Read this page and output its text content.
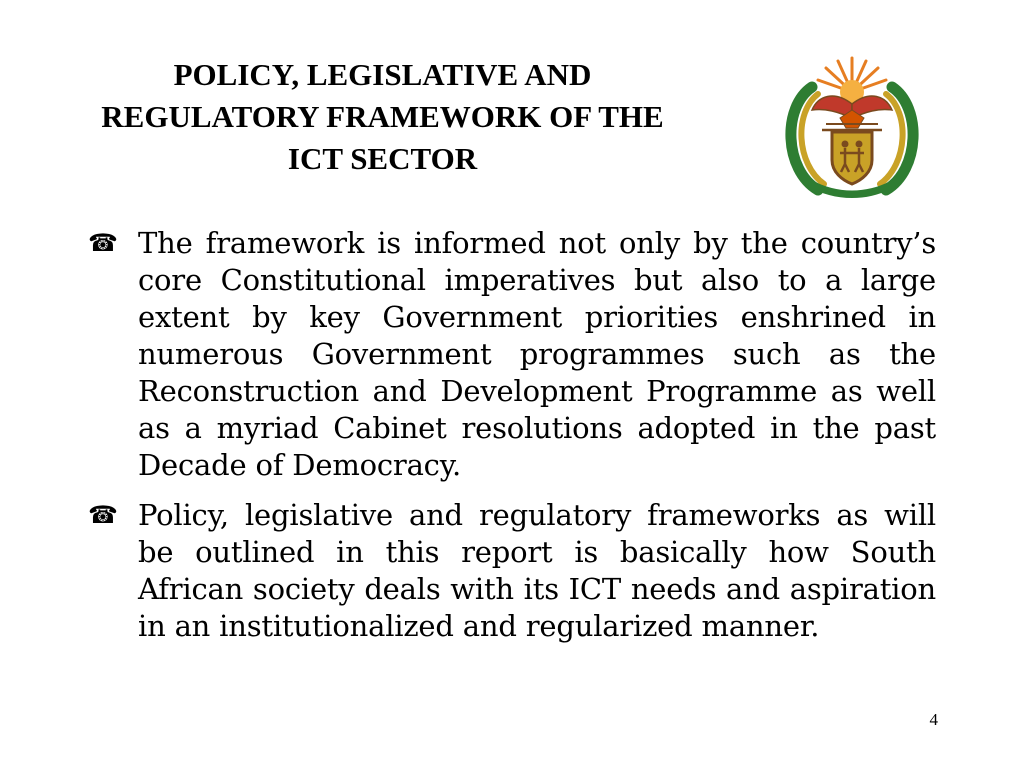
POLICY, LEGISLATIVE AND REGULATORY FRAMEWORK OF THE ICT SECTOR
☎ The framework is informed not only by the country’s core Constitutional imperatives but also to a large extent by key Government priorities enshrined in numerous Government programmes such as the Reconstruction and Development Programme as well as a myriad Cabinet resolutions adopted in the past Decade of Democracy.
☎ Policy, legislative and regulatory frameworks as will be outlined in this report is basically how South African society deals with its ICT needs and aspiration in an institutionalized and regularized manner.
4
